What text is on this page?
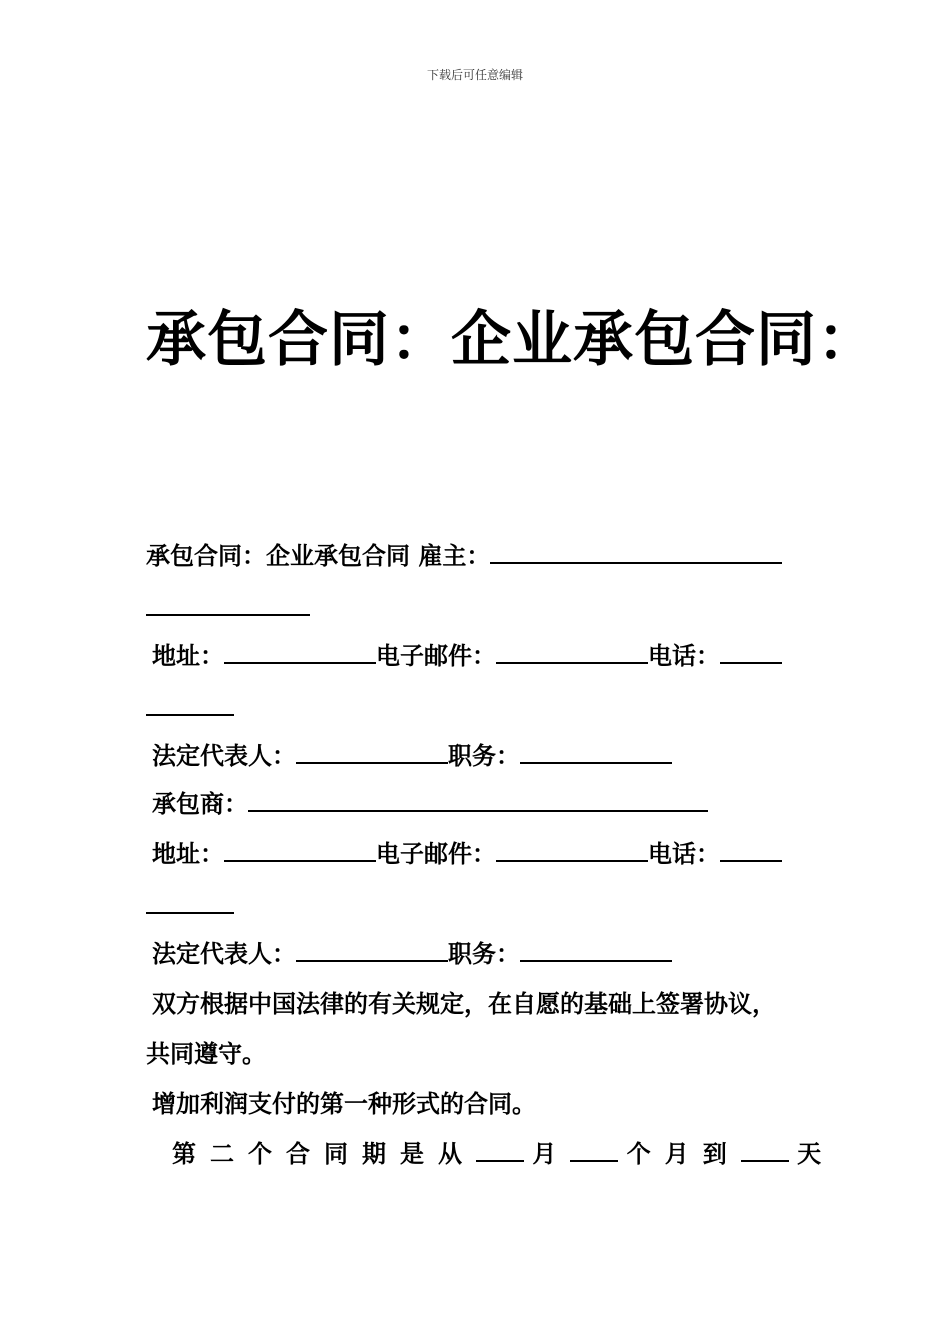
下载后可任意编辑
承包合同：企业承包合同：
承包合同：企业承包合同 雇主：
地址：	电子邮件：	电话：
法定代表人：	职务：
承包商：
地址：	电子邮件：	电话：
法定代表人：	职务：
双方根据中国法律的有关规定，在自愿的基础上签署协议，
共同遵守。
增加利润支付的第一种形式的合同。
第二个合同期是从 月 个月到 天
